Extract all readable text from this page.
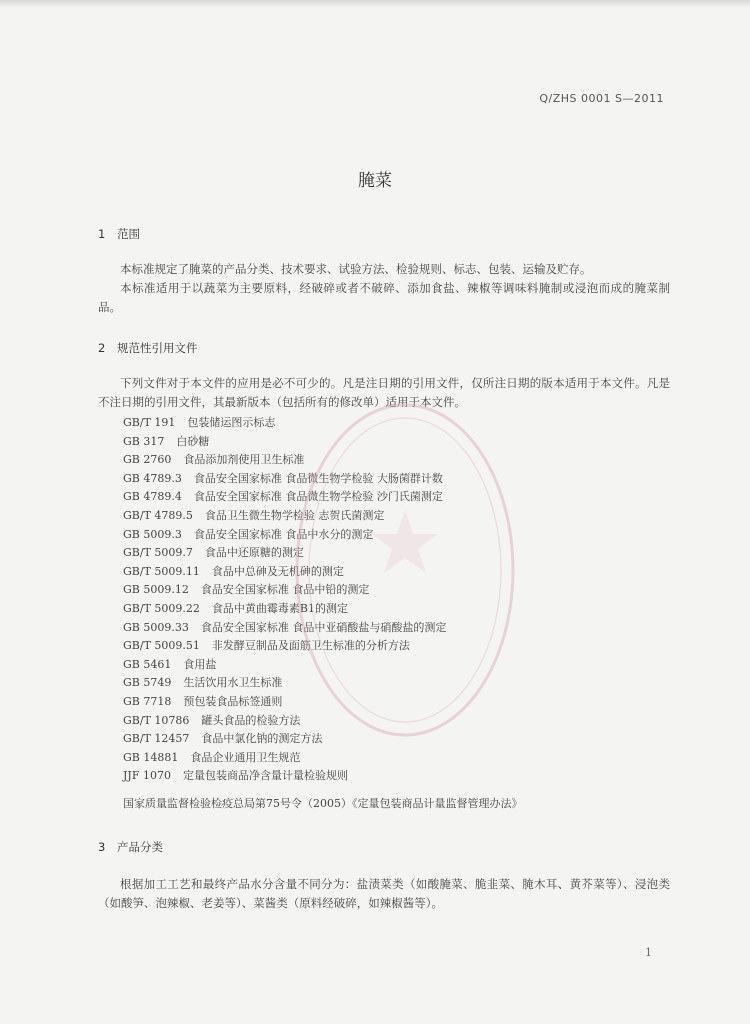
Q/ZHS 0001 S—2011
腌菜
1 范围
本标准规定了腌菜的产品分类、技术要求、试验方法、检验规则、标志、包装、运输及贮存。
本标准适用于以蔬菜为主要原料，经破碎或者不破碎、添加食盐、辣椒等调味料腌制或浸泡而成的腌菜制品。
2 规范性引用文件
下列文件对于本文件的应用是必不可少的。凡是注日期的引用文件，仅所注日期的版本适用于本文件。凡是不注日期的引用文件，其最新版本（包括所有的修改单）适用于本文件。
GB/T 191 包装储运图示标志
GB 317 白砂糖
GB 2760 食品添加剂使用卫生标准
GB 4789.3 食品安全国家标准 食品微生物学检验 大肠菌群计数
GB 4789.4 食品安全国家标准 食品微生物学检验 沙门氏菌测定
GB/T 4789.5 食品卫生微生物学检验 志贺氏菌测定
GB 5009.3 食品安全国家标准 食品中水分的测定
GB/T 5009.7 食品中还原糖的测定
GB/T 5009.11 食品中总砷及无机砷的测定
GB 5009.12 食品安全国家标准 食品中铅的测定
GB/T 5009.22 食品中黄曲霉毒素B1的测定
GB 5009.33 食品安全国家标准 食品中亚硝酸盐与硝酸盐的测定
GB/T 5009.51 非发酵豆制品及面筋卫生标准的分析方法
GB 5461 食用盐
GB 5749 生活饮用水卫生标准
GB 7718 预包装食品标签通则
GB/T 10786 罐头食品的检验方法
GB/T 12457 食品中氯化钠的测定方法
GB 14881 食品企业通用卫生规范
JJF 1070 定量包装商品净含量计量检验规则
国家质量监督检验检疫总局第75号令（2005）《定量包装商品计量监督管理办法》
3 产品分类
根据加工工艺和最终产品水分含量不同分为：盐渍菜类（如酸腌菜、脆韭菜、腌木耳、黄芥菜等）、浸泡类（如酸笋、泡辣椒、老姜等）、菜酱类（原料经破碎，如辣椒酱等）。
1
